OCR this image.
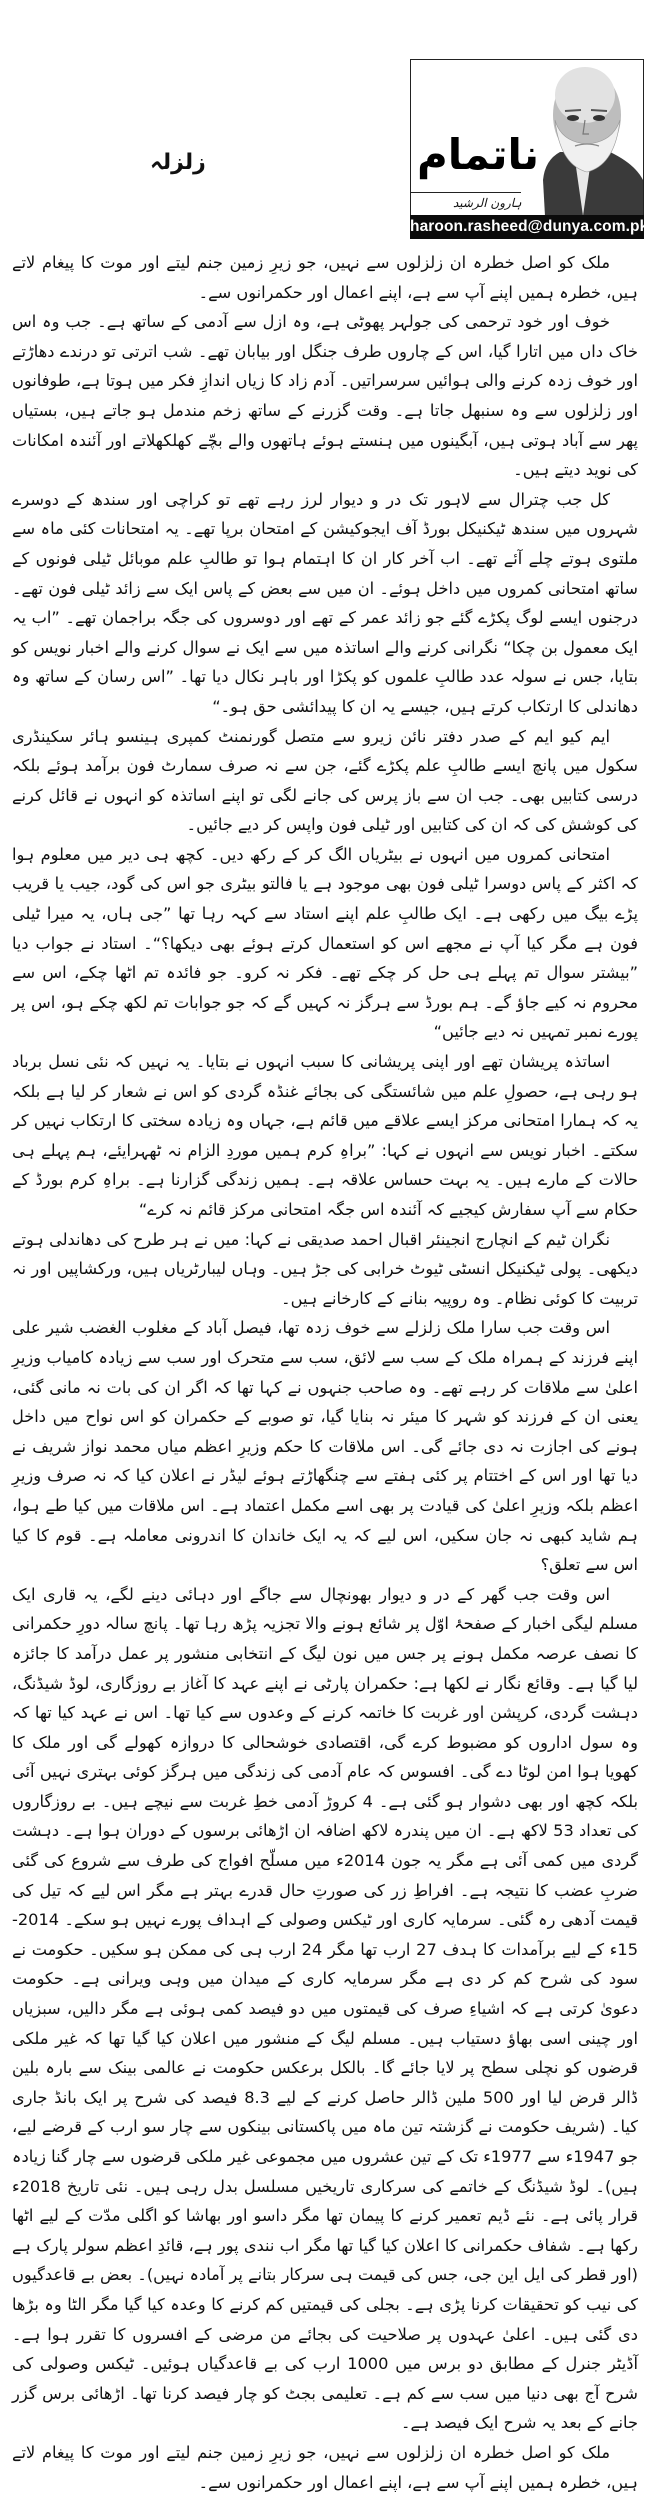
زلزلہ	ناتمام
ہارون الرشید
haroon.rasheed@dunya.com.pk

ملک کو اصل خطرہ ان زلزلوں سے نہیں، جو زیرِ زمین جنم لیتے اور موت کا پیغام لاتے ہیں، خطرہ ہمیں اپنے آپ سے ہے، اپنے اعمال اور حکمرانوں سے۔

خوف اور خود ترحمی کی جولہر پھوٹی ہے، وہ ازل سے آدمی کے ساتھ ہے۔ جب وہ اس خاک داں میں اتارا گیا، اس کے چاروں طرف جنگل اور بیابان تھے۔ شب اترتی تو درندے دھاڑتے اور خوف زدہ کرنے والی ہوائیں سرسراتیں۔ آدم زاد کا زیاں اندازِ فکر میں ہوتا ہے، طوفانوں اور زلزلوں سے وہ سنبھل جاتا ہے۔ وقت گزرنے کے ساتھ زخم مندمل ہو جاتے ہیں، بستیاں پھر سے آباد ہوتی ہیں، آبگینوں میں ہنستے ہوئے ہاتھوں والے بچّے کھلکھلاتے اور آئندہ امکانات کی نوید دیتے ہیں۔

کل جب چترال سے لاہور تک در و دیوار لرز رہے تھے تو کراچی اور سندھ کے دوسرے شہروں میں سندھ ٹیکنیکل بورڈ آف ایجوکیشن کے امتحان برپا تھے۔ یہ امتحانات کئی ماہ سے ملتوی ہوتے چلے آئے تھے۔ اب آخر کار ان کا اہتمام ہوا تو طالبِ علم موبائل ٹیلی فونوں کے ساتھ امتحانی کمروں میں داخل ہوئے۔ ان میں سے بعض کے پاس ایک سے زائد ٹیلی فون تھے۔ درجنوں ایسے لوگ پکڑے گئے جو زائد عمر کے تھے اور دوسروں کی جگہ براجمان تھے۔ ”اب یہ ایک معمول بن چکا“ نگرانی کرنے والے اساتذہ میں سے ایک نے سوال کرنے والے اخبار نویس کو بتایا، جس نے سولہ عدد طالبِ علموں کو پکڑا اور باہر نکال دیا تھا۔ ”اس رسان کے ساتھ وہ دھاندلی کا ارتکاب کرتے ہیں، جیسے یہ ان کا پیدائشی حق ہو۔“

ایم کیو ایم کے صدر دفتر نائن زیرو سے متصل گورنمنٹ کمپری ہینسو ہائر سکینڈری سکول میں پانچ ایسے طالبِ علم پکڑے گئے، جن سے نہ صرف سمارٹ فون برآمد ہوئے بلکہ درسی کتابیں بھی۔ جب ان سے باز پرس کی جانے لگی تو اپنے اساتذہ کو انہوں نے قائل کرنے کی کوشش کی کہ ان کی کتابیں اور ٹیلی فون واپس کر دیے جائیں۔

امتحانی کمروں میں انہوں نے بیٹریاں الگ کر کے رکھ دیں۔ کچھ ہی دیر میں معلوم ہوا کہ اکثر کے پاس دوسرا ٹیلی فون بھی موجود ہے یا فالتو بیٹری جو اس کی گود، جیب یا قریب پڑے بیگ میں رکھی ہے۔ ایک طالبِ علم اپنے استاد سے کہہ رہا تھا ”جی ہاں، یہ میرا ٹیلی فون ہے مگر کیا آپ نے مجھے اس کو استعمال کرتے ہوئے بھی دیکھا؟“۔ استاد نے جواب دیا ”بیشتر سوال تم پہلے ہی حل کر چکے تھے۔ فکر نہ کرو۔ جو فائدہ تم اٹھا چکے، اس سے محروم نہ کیے جاؤ گے۔ ہم بورڈ سے ہرگز نہ کہیں گے کہ جو جوابات تم لکھ چکے ہو، اس پر پورے نمبر تمہیں نہ دیے جائیں“

اساتذہ پریشان تھے اور اپنی پریشانی کا سبب انہوں نے بتایا۔ یہ نہیں کہ نئی نسل برباد ہو رہی ہے، حصولِ علم میں شائستگی کی بجائے غنڈہ گردی کو اس نے شعار کر لیا ہے بلکہ یہ کہ ہمارا امتحانی مرکز ایسے علاقے میں قائم ہے، جہاں وہ زیادہ سختی کا ارتکاب نہیں کر سکتے۔ اخبار نویس سے انہوں نے کہا: ”براہِ کرم ہمیں موردِ الزام نہ ٹھہرایئے، ہم پہلے ہی حالات کے مارے ہیں۔ یہ بہت حساس علاقہ ہے۔ ہمیں زندگی گزارنا ہے۔ براہِ کرم بورڈ کے حکام سے آپ سفارش کیجیے کہ آئندہ اس جگہ امتحانی مرکز قائم نہ کرے“

نگران ٹیم کے انچارج انجینئر اقبال احمد صدیقی نے کہا: میں نے ہر طرح کی دھاندلی ہوتے دیکھی۔ پولی ٹیکنیکل انسٹی ٹیوٹ خرابی کی جڑ ہیں۔ وہاں لیبارٹریاں ہیں، ورکشاپیں اور نہ تربیت کا کوئی نظام۔ وہ روپیہ بنانے کے کارخانے ہیں۔

اس وقت جب سارا ملک زلزلے سے خوف زدہ تھا، فیصل آباد کے مغلوب الغضب شیر علی اپنے فرزند کے ہمراہ ملک کے سب سے لائق، سب سے متحرک اور سب سے زیادہ کامیاب وزیرِ اعلیٰ سے ملاقات کر رہے تھے۔ وہ صاحب جنہوں نے کہا تھا کہ اگر ان کی بات نہ مانی گئی، یعنی ان کے فرزند کو شہر کا میئر نہ بنایا گیا، تو صوبے کے حکمران کو اس نواح میں داخل ہونے کی اجازت نہ دی جائے گی۔ اس ملاقات کا حکم وزیرِ اعظم میاں محمد نواز شریف نے دیا تھا اور اس کے اختتام پر کئی ہفتے سے چنگھاڑتے ہوئے لیڈر نے اعلان کیا کہ نہ صرف وزیرِ اعظم بلکہ وزیرِ اعلیٰ کی قیادت پر بھی اسے مکمل اعتماد ہے۔ اس ملاقات میں کیا طے ہوا، ہم شاید کبھی نہ جان سکیں، اس لیے کہ یہ ایک خاندان کا اندرونی معاملہ ہے۔ قوم کا کیا اس سے تعلق؟

اس وقت جب گھر کے در و دیوار بھونچال سے جاگے اور دہائی دینے لگے، یہ قاری ایک مسلم لیگی اخبار کے صفحۂ اوّل پر شائع ہونے والا تجزیہ پڑھ رہا تھا۔ پانچ سالہ دورِ حکمرانی کا نصف عرصہ مکمل ہونے پر جس میں نون لیگ کے انتخابی منشور پر عمل درآمد کا جائزہ لیا گیا ہے۔ وقائع نگار نے لکھا ہے: حکمران پارٹی نے اپنے عہد کا آغاز بے روزگاری، لوڈ شیڈنگ، دہشت گردی، کرپشن اور غربت کا خاتمہ کرنے کے وعدوں سے کیا تھا۔ اس نے عہد کیا تھا کہ وہ سول اداروں کو مضبوط کرے گی، اقتصادی خوشحالی کا دروازہ کھولے گی اور ملک کا کھویا ہوا امن لوٹا دے گی۔ افسوس کہ عام آدمی کی زندگی میں ہرگز کوئی بہتری نہیں آئی بلکہ کچھ اور بھی دشوار ہو گئی ہے۔ 4 کروڑ آدمی خطِ غربت سے نیچے ہیں۔ بے روزگاروں کی تعداد 53 لاکھ ہے۔ ان میں پندرہ لاکھ اضافہ ان اڑھائی برسوں کے دوران ہوا ہے۔ دہشت گردی میں کمی آئی ہے مگر یہ جون 2014ء میں مسلّح افواج کی طرف سے شروع کی گئی ضربِ عضب کا نتیجہ ہے۔ افراطِ زر کی صورتِ حال قدرے بہتر ہے مگر اس لیے کہ تیل کی قیمت آدھی رہ گئی۔ سرمایہ کاری اور ٹیکس وصولی کے اہداف پورے نہیں ہو سکے۔ 2014-15ء کے لیے برآمدات کا ہدف 27 ارب تھا مگر 24 ارب ہی کی ممکن ہو سکیں۔ حکومت نے سود کی شرح کم کر دی ہے مگر سرمایہ کاری کے میدان میں وہی ویرانی ہے۔ حکومت دعویٰ کرتی ہے کہ اشیاءِ صرف کی قیمتوں میں دو فیصد کمی ہوئی ہے مگر دالیں، سبزیاں اور چینی اسی بھاؤ دستیاب ہیں۔ مسلم لیگ کے منشور میں اعلان کیا گیا تھا کہ غیر ملکی قرضوں کو نچلی سطح پر لایا جائے گا۔ بالکل برعکس حکومت نے عالمی بینک سے بارہ بلین ڈالر قرض لیا اور 500 ملین ڈالر حاصل کرنے کے لیے 8.3 فیصد کی شرح پر ایک بانڈ جاری کیا۔ (شریف حکومت نے گزشتہ تین ماہ میں پاکستانی بینکوں سے چار سو ارب کے قرضے لیے، جو 1947ء سے 1977ء تک کے تین عشروں میں مجموعی غیر ملکی قرضوں سے چار گنا زیادہ ہیں)۔ لوڈ شیڈنگ کے خاتمے کی سرکاری تاریخیں مسلسل بدل رہی ہیں۔ نئی تاریخ 2018ء قرار پائی ہے۔ نئے ڈیم تعمیر کرنے کا پیمان تھا مگر داسو اور بھاشا کو اگلی مدّت کے لیے اٹھا رکھا ہے۔ شفاف حکمرانی کا اعلان کیا گیا تھا مگر اب نندی پور ہے، قائدِ اعظم سولر پارک ہے (اور قطر کی ایل این جی، جس کی قیمت ہی سرکار بتانے پر آمادہ نہیں)۔ بعض بے قاعدگیوں کی نیب کو تحقیقات کرنا پڑی ہے۔ بجلی کی قیمتیں کم کرنے کا وعدہ کیا گیا مگر الٹا وہ بڑھا دی گئی ہیں۔ اعلیٰ عہدوں پر صلاحیت کی بجائے من مرضی کے افسروں کا تقرر ہوا ہے۔ آڈیٹر جنرل کے مطابق دو برس میں 1000 ارب کی بے قاعدگیاں ہوئیں۔ ٹیکس وصولی کی شرح آج بھی دنیا میں سب سے کم ہے۔ تعلیمی بجٹ کو چار فیصد کرنا تھا۔ اڑھائی برس گزر جانے کے بعد یہ شرح ایک فیصد ہے۔

ملک کو اصل خطرہ ان زلزلوں سے نہیں، جو زیرِ زمین جنم لیتے اور موت کا پیغام لاتے ہیں، خطرہ ہمیں اپنے آپ سے ہے، اپنے اعمال اور حکمرانوں سے۔
